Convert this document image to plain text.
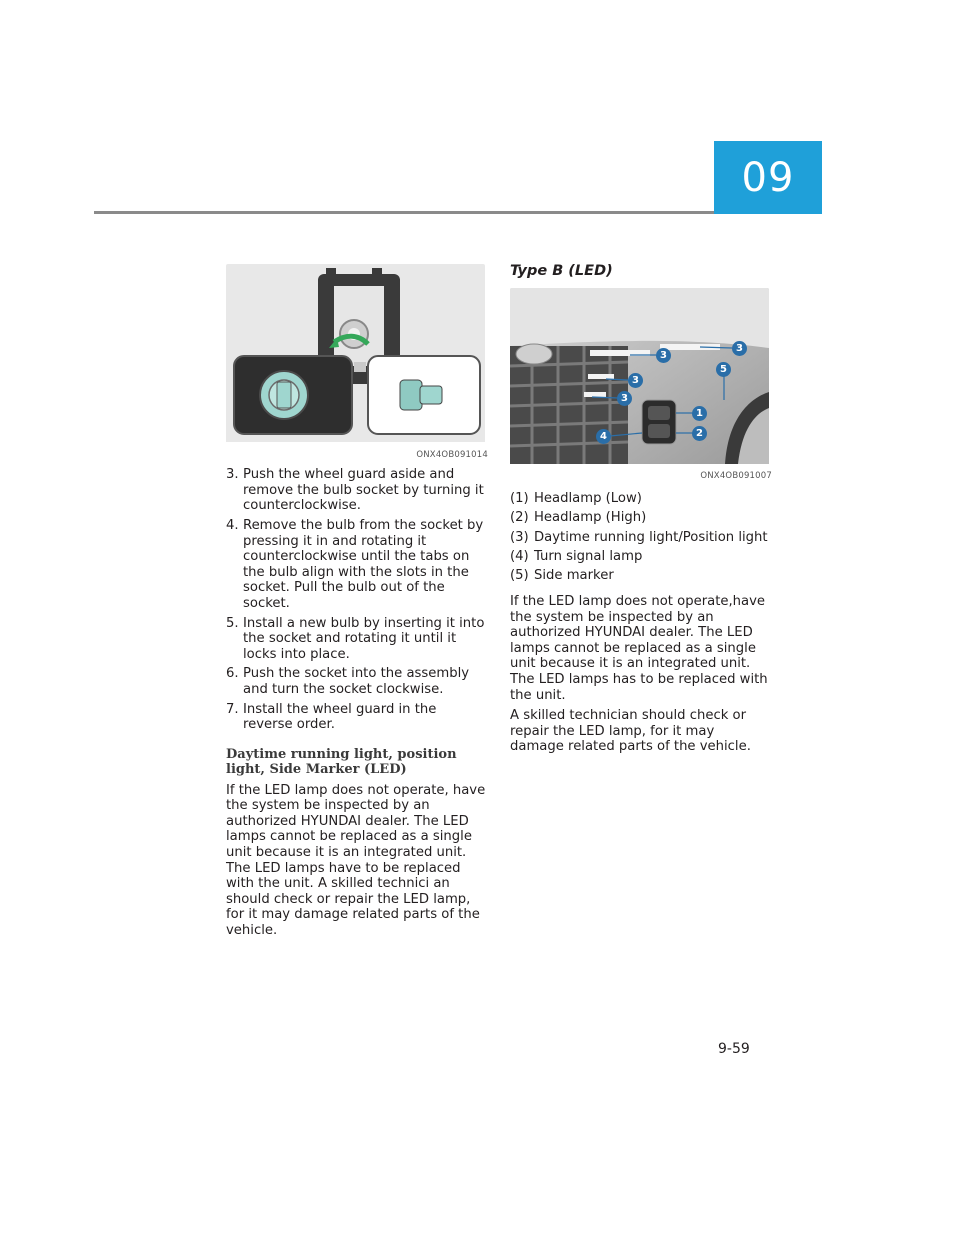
09
ONX4OB091014
3. Push the wheel guard aside and remove the bulb socket by turning it counterclockwise.
4. Remove the bulb from the socket by pressing it in and rotating it counterclockwise until the tabs on the bulb align with the slots in the socket. Pull the bulb out of the socket.
5. Install a new bulb by inserting it into the socket and rotating it until it locks into place.
6. Push the socket into the assembly and turn the socket clockwise.
7. Install the wheel guard in the reverse order.
Daytime running light, position light, Side Marker (LED)

If the LED lamp does not operate, have the system be inspected by an authorized HYUNDAI dealer. The LED lamps cannot be replaced as a single unit because it is an integrated unit. The LED lamps have to be replaced with the unit. A skilled technici an should check or repair the LED lamp, for it may damage related parts of the vehicle.

Type B (LED)
1
2
3
3
3
3
4
5
ONX4OB091007
(1) Headlamp (Low)
(2) Headlamp (High)
(3) Daytime running light/Position light
(4) Turn signal lamp
(5) Side marker

If the LED lamp does not operate,have the system be inspected by an authorized HYUNDAI dealer. The LED lamps cannot be replaced as a single unit because it is an integrated unit. The LED lamps has to be replaced with the unit.

A skilled technician should check or repair the LED lamp, for it may damage related parts of the vehicle.

9-59
